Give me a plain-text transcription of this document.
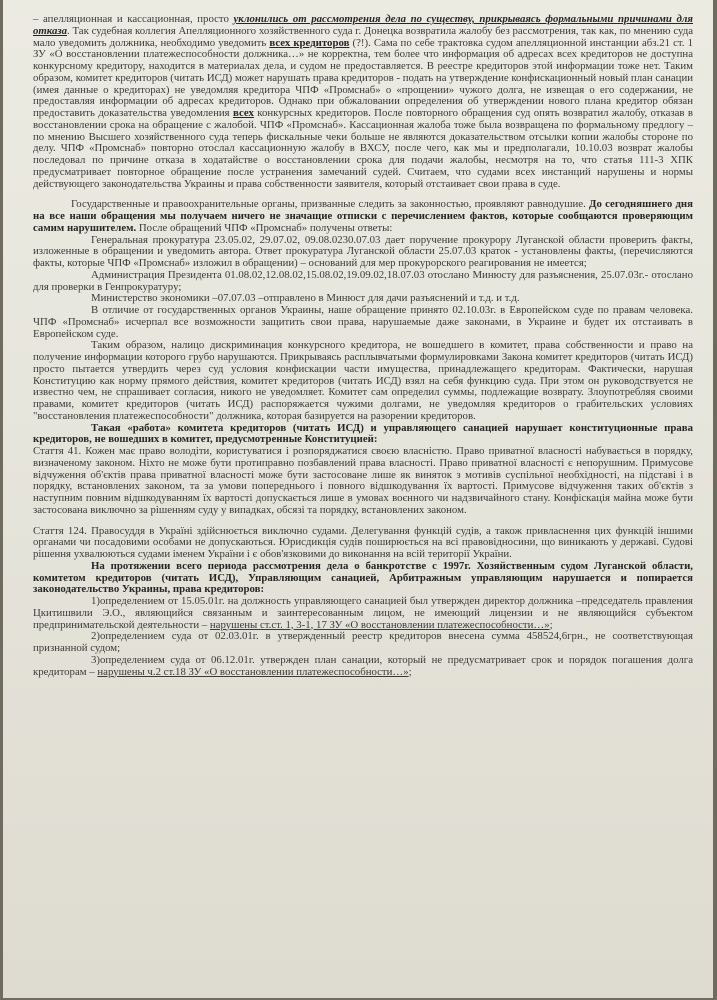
– апелляционная и кассационная, просто уклонились от рассмотрения дела по существу, прикрываясь формальными причинами для отказа. Так судебная коллегия Апелляционного хозяйственного суда г. Донецка возвратила жалобу без рассмотрения, так как, по мнению суда мало уведомить должника, необходимо уведомить всех кредиторов (?!). Сама по себе трактовка судом апелляционной инстанции абз.21 ст. 1 ЗУ «О восстановлении платежеспособности должника…» не корректна, тем более что информация об адресах всех кредиторов не доступна конкурсному кредитору, находится в материалах дела, и судом не предоставляется. В реестре кредиторов этой информации тоже нет. Таким образом, комитет кредиторов (читать ИСД) может нарушать права кредиторов - подать на утверждение конфискационный новый план санации (имея данные о кредиторах) не уведомляя кредитора ЧПФ «Промснаб» о «прощении» чужого долга, не извещая о его содержании, не предоставляя информации об адресах кредиторов. Однако при обжаловании определения об утверждении нового плана кредитор обязан предоставить доказательства уведомления всех конкурсных кредиторов. После повторного обращения суд опять возвратил жалобу, отказав в восстановлении срока на обращение с жалобой. ЧПФ «Промснаб». Кассационная жалоба тоже была возвращена по формальному предлогу – по мнению Высшего хозяйственного суда теперь фискальные чеки больше не являются доказательством отсылки копии жалобы стороне по делу. ЧПФ «Промснаб» повторно отослал кассационную жалобу в ВХСУ, после чего, как мы и предполагали, 10.10.03 возврат жалобы последовал по причине отказа в ходатайстве о восстановлении срока для подачи жалобы, несмотря на то, что статья 111-3 ХПК предусматривает повторное обращение после устранения замечаний судей. Считаем, что судами всех инстанций нарушены и нормы действующего законодательства Украины и права собственности заявителя, который отстаивает свои права в суде.

Государственные и правоохранительные органы, призванные следить за законностью, проявляют равнодушие. До сегодняшнего дня на все наши обращения мы получаем ничего не значащие отписки с перечислением фактов, которые сообщаются проверяющим самим нарушителем. После обращений ЧПФ «Промснаб» получены ответы:

Генеральная прокуратура 23.05.02, 29.07.02, 09.08.0230.07.03 дает поручение прокурору Луганской области проверить факты, изложенные в обращении и уведомить автора. Ответ прокуратура Луганской области 25.07.03 краток - установлены факты, (перечисляются факты, которые ЧПФ «Промснаб» изложил в обращении) – оснований для мер прокурорского реагирования не имеется;

Администрация Президента 01.08.02,12.08.02,15.08.02,19.09.02,18.07.03 отослано Минюсту для разъяснения, 25.07.03г.- отослано для проверки в Генпрокуратуру;

Министерство экономики –07.07.03 –отправлено в Минюст для дачи разъяснений и т.д. и т.д.

В отличие от государственных органов Украины, наше обращение принято 02.10.03г. в Европейском суде по правам человека. ЧПФ «Промснаб» исчерпал все возможности защитить свои права, нарушаемые даже законами, в Украине и будет их отстаивать в Европейском суде.

Таким образом, налицо дискриминация конкурсного кредитора, не вошедшего в комитет, права собственности и право на получение информации которого грубо нарушаются. Прикрываясь расплывчатыми формулировками Закона комитет кредиторов (читать ИСД) просто пытается утвердить через суд условия конфискации части имущества, принадлежащего кредиторам. Фактически, нарушая Конституцию как норму прямого действия, комитет кредиторов (читать ИСД) взял на себя функцию суда. При этом он руководствуется не известно чем, не спрашивает согласия, никого не уведомляет. Комитет сам определил суммы, подлежащие возврату. Злоупотребляя своими правами, комитет кредиторов (читать ИСД) распоряжается чужими долгами, не уведомляя кредиторов о грабительских условиях "восстановления платежеспособности" должника, которая базируется на разорении кредиторов.

Такая «работа» комитета кредиторов (читать ИСД) и управляющего санацией нарушает конституционные права кредиторов, не вошедших в комитет, предусмотренные Конституцией:

Стаття 41. Кожен має право володіти, користуватися і розпоряджатися своєю власністю. Право приватної власності набувається в порядку, визначеному законом. Ніхто не може бути протиправно позбавлений права власності. Право приватної власності є непорушним. Примусове відчуження об'єктів права приватної власності може бути застосоване лише як виняток з мотивів суспільної необхідності, на підставі і в порядку, встановлених законом, та за умови попереднього і повного відшкодування їх вартості. Примусове відчуження таких об'єктів з наступним повним відшкодуванням їх вартості допускається лише в умовах воєнного чи надзвичайного стану. Конфіскація майна може бути застосована виключно за рішенням суду у випадках, обсязі та порядку, встановлених законом.

Стаття 124. Правосуддя в Україні здійснюється виключно судами. Делегування функцій судів, а також привласнення цих функцій іншими органами чи посадовими особами не допускаються. Юрисдикція судів поширюється на всі правовідносини, що виникають у державі. Судові рішення ухвалюються судами іменем України і є обов'язковими до виконання на всій території України.

На протяжении всего периода рассмотрения дела о банкротстве с 1997г. Хозяйственным судом Луганской области, комитетом кредиторов (читать ИСД), Управляющим санацией, Арбитражным управляющим нарушается и попирается законодательство Украины, права кредиторов:

1)определением от 15.05.01г. на должность управляющего санацией был утвержден директор должника –председатель правления Цкитишвили Э.О., являющийся связанным и заинтересованным лицом, не имеющий лицензии и не являющийся субъектом предпринимательской деятельности – нарушены ст.ст. 1, 3-1, 17 ЗУ «О восстановлении платежеспособности…»;

2)определением суда от 02.03.01г. в утвержденный реестр кредиторов внесена сумма 458524,6грн., не соответствующая признанной судом;

3)определением суда от 06.12.01г. утвержден план санации, который не предусматривает срок и порядок погашения долга кредиторам – нарушены ч.2 ст.18 ЗУ «О восстановлении платежеспособности…»;
